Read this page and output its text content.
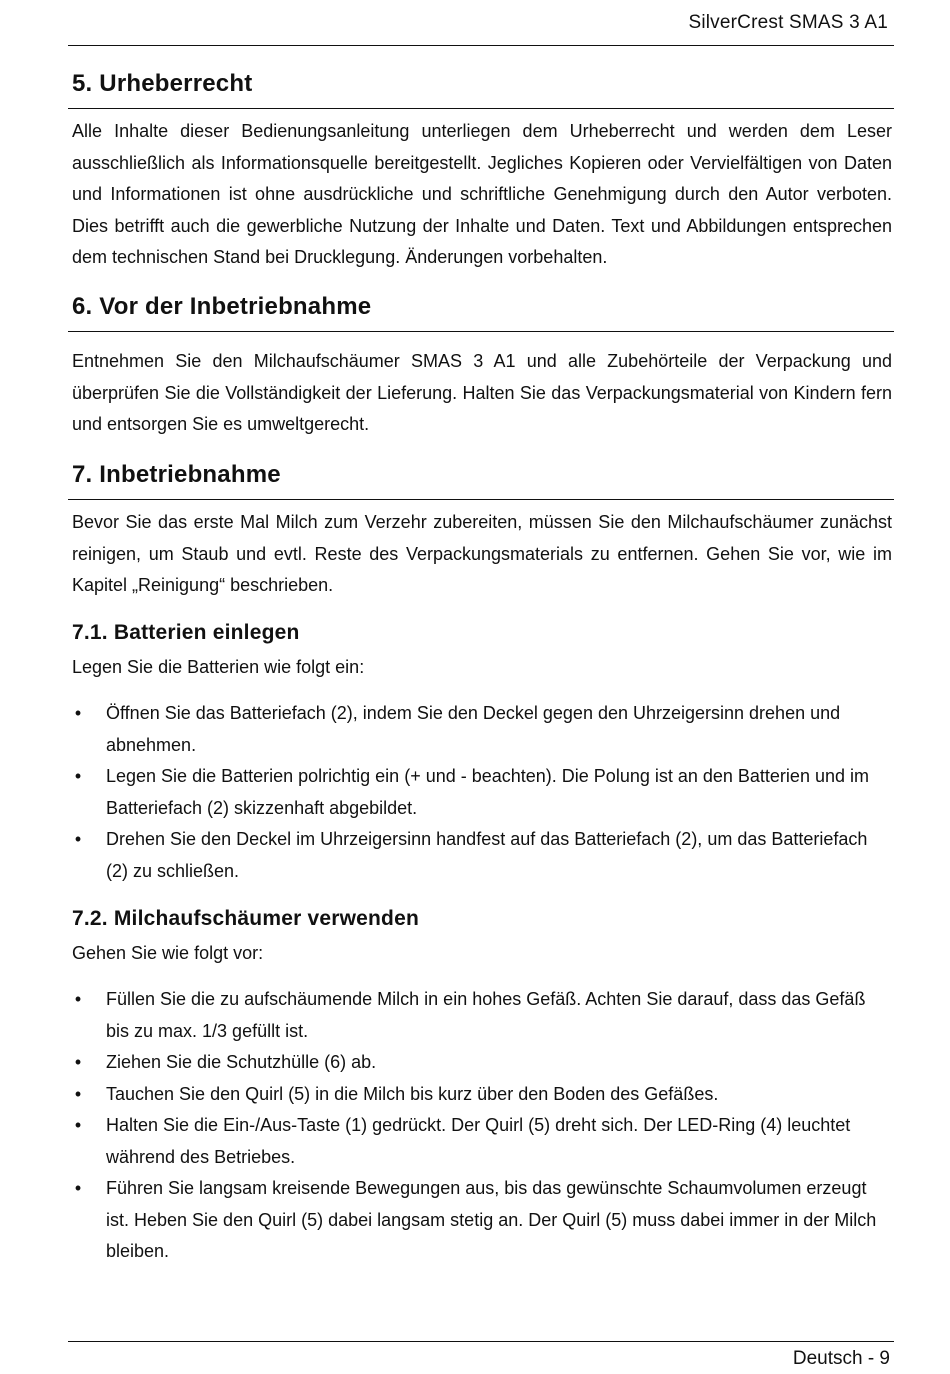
SilverCrest SMAS 3 A1
5. Urheberrecht

Alle Inhalte dieser Bedienungsanleitung unterliegen dem Urheberrecht und werden dem Leser ausschließlich als Informationsquelle bereitgestellt. Jegliches Kopieren oder Vervielfältigen von Daten und Informationen ist ohne ausdrückliche und schriftliche Genehmigung durch den Autor verboten. Dies betrifft auch die gewerbliche Nutzung der Inhalte und Daten. Text und Abbildungen entsprechen dem technischen Stand bei Drucklegung. Änderungen vorbehalten.

6. Vor der Inbetriebnahme

Entnehmen Sie den Milchaufschäumer SMAS 3 A1 und alle Zubehörteile der Verpackung und überprüfen Sie die Vollständigkeit der Lieferung. Halten Sie das Verpackungsmaterial von Kindern fern und entsorgen Sie es umweltgerecht.

7. Inbetriebnahme

Bevor Sie das erste Mal Milch zum Verzehr zubereiten, müssen Sie den Milchaufschäumer zunächst reinigen, um Staub und evtl. Reste des Verpackungsmaterials zu entfernen. Gehen Sie vor, wie im Kapitel „Reinigung“ beschrieben.

7.1. Batterien einlegen

Legen Sie die Batterien wie folgt ein:

• Öffnen Sie das Batteriefach (2), indem Sie den Deckel gegen den Uhrzeigersinn drehen und abnehmen.
• Legen Sie die Batterien polrichtig ein (+ und - beachten). Die Polung ist an den Batterien und im Batteriefach (2) skizzenhaft abgebildet.
• Drehen Sie den Deckel im Uhrzeigersinn handfest auf das Batteriefach (2), um das Batteriefach (2) zu schließen.
7.2. Milchaufschäumer verwenden

Gehen Sie wie folgt vor:

• Füllen Sie die zu aufschäumende Milch in ein hohes Gefäß. Achten Sie darauf, dass das Gefäß bis zu max. 1/3 gefüllt ist.
• Ziehen Sie die Schutzhülle (6) ab.
• Tauchen Sie den Quirl (5) in die Milch bis kurz über den Boden des Gefäßes.
• Halten Sie die Ein-/Aus-Taste (1) gedrückt. Der Quirl (5) dreht sich. Der LED-Ring (4) leuchtet während des Betriebes.
• Führen Sie langsam kreisende Bewegungen aus, bis das gewünschte Schaumvolumen erzeugt ist. Heben Sie den Quirl (5) dabei langsam stetig an. Der Quirl (5) muss dabei immer in der Milch bleiben.
Deutsch - 9
